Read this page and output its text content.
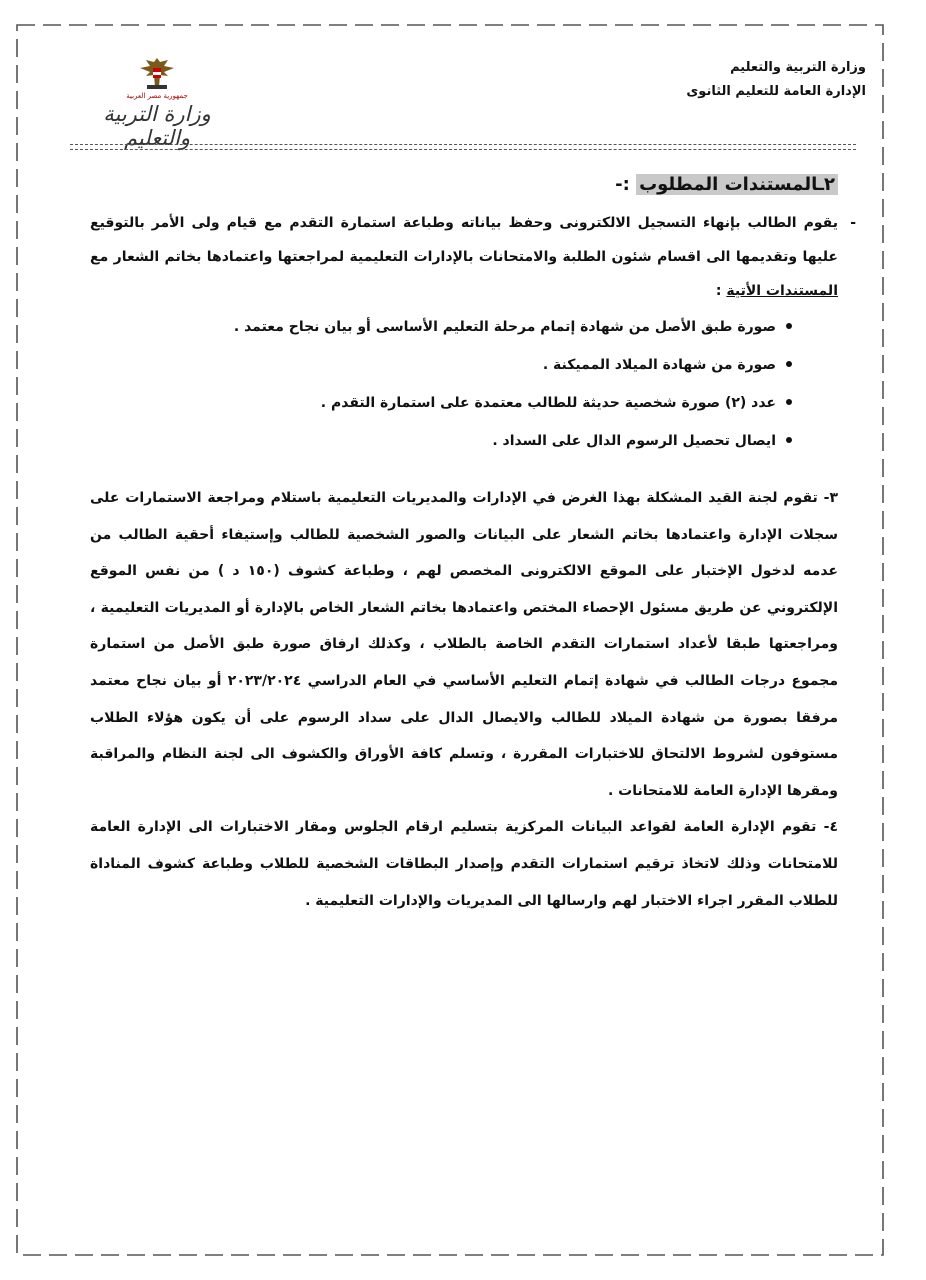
وزارة التربية والتعليم
الإدارة العامة للتعليم الثانوى
جمهورية مصر العربية
وزارة التربية والتعليم
٢ـالمستندات المطلوب :-
-
يقوم الطالب بإنهاء التسجيل الالكترونى وحفظ بياناته وطباعة استمارة التقدم مع قيام ولى الأمر بالتوقيع عليها وتقديمها الى اقسام شئون الطلبة والامتحانات بالإدارات التعليمية لمراجعتها واعتمادها بخاتم الشعار مع المستندات الأتية :
صورة طبق الأصل من شهادة إتمام مرحلة التعليم الأساسى أو بيان نجاح معتمد .
صورة من شهادة الميلاد المميكنة .
عدد (٢) صورة شخصية حديثة للطالب معتمدة على استمارة التقدم .
ايصال تحصيل الرسوم الدال على السداد .

٣- تقوم لجنة القيد المشكلة بهذا الغرض في الإدارات والمديريات التعليمية باستلام ومراجعة الاستمارات على سجلات الإدارة واعتمادها بخاتم الشعار على البيانات والصور الشخصية للطالب وإستيفاء أحقية الطالب من عدمه لدخول الإختبار على الموقع الالكترونى المخصص لهم ، وطباعة كشوف (١٥٠ د ) من نفس الموقع الإلكتروني عن طريق مسئول الإحصاء المختص واعتمادها بخاتم الشعار الخاص بالإدارة أو المديريات التعليمية ، ومراجعتها طبقا لأعداد استمارات التقدم الخاصة بالطلاب ، وكذلك ارفاق صورة طبق الأصل من استمارة مجموع درجات الطالب في شهادة إتمام التعليم الأساسي في العام الدراسي ٢٠٢٣/٢٠٢٤ أو بيان نجاح معتمد مرفقا بصورة من شهادة الميلاد للطالب والايصال الدال على سداد الرسوم على أن يكون هؤلاء الطلاب مستوفون لشروط الالتحاق للاختبارات المقررة ، وتسلم كافة الأوراق والكشوف الى لجنة النظام والمراقبة ومقرها الإدارة العامة للامتحانات .

٤- تقوم الإدارة العامة لقواعد البيانات المركزية بتسليم ارقام الجلوس ومقار الاختبارات الى الإدارة العامة للامتحانات وذلك لاتخاذ ترقيم استمارات التقدم وإصدار البطاقات الشخصية للطلاب وطباعة كشوف المناداة للطلاب المقرر اجراء الاختبار لهم وارسالها الى المديريات والإدارات التعليمية .
